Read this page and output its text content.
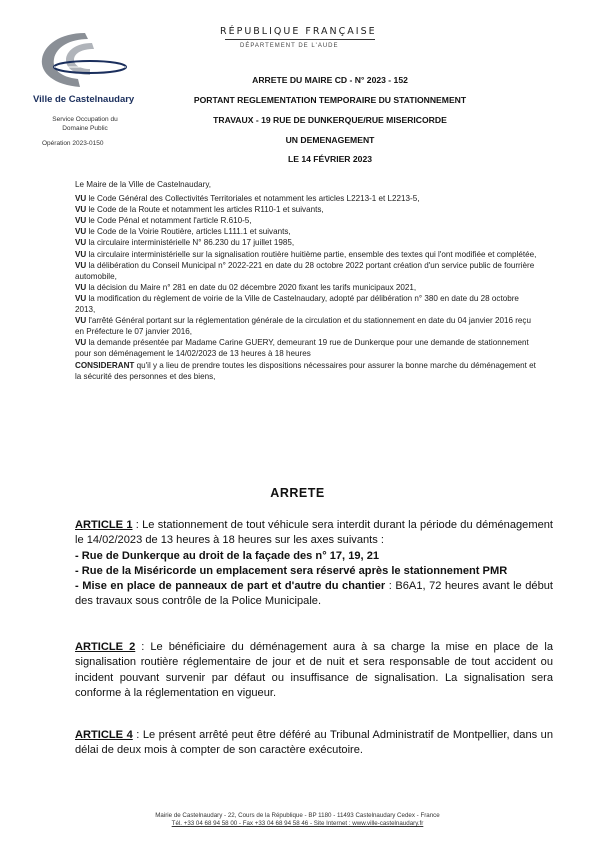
Ville de Castelnaudary
Service Occupation du Domaine Public
Opération 2023-0150
RÉPUBLIQUE FRANÇAISE
DÉPARTEMENT DE L'AUDE
ARRETE DU MAIRE CD - N° 2023 - 152
PORTANT REGLEMENTATION TEMPORAIRE DU STATIONNEMENT
TRAVAUX - 19 RUE DE DUNKERQUE/RUE MISERICORDE
UN DEMENAGEMENT
LE 14 FÉVRIER 2023

Le Maire de la Ville de Castelnaudary,

VU le Code Général des Collectivités Territoriales et notamment les articles L2213-1 et L2213-5,

VU le Code de la Route et notamment les articles R110-1 et suivants,

VU le Code Pénal et notamment l'article R.610-5,

VU le Code de la Voirie Routière, articles L111.1 et suivants,

VU la circulaire interministérielle N° 86.230 du 17 juillet 1985,

VU la circulaire interministérielle sur la signalisation routière huitième partie, ensemble des textes qui l'ont modifiée et complétée,

VU la délibération du Conseil Municipal n° 2022-221 en date du 28 octobre 2022 portant création d'un service public de fourrière automobile,

VU la décision du Maire n° 281 en date du 02 décembre 2020 fixant les tarifs municipaux 2021,

VU la modification du règlement de voirie de la Ville de Castelnaudary, adopté par délibération n° 380 en date du 28 octobre 2013,

VU l'arrêté Général portant sur la réglementation générale de la circulation et du stationnement en date du 04 janvier 2016 reçu en Préfecture le 07 janvier 2016,

VU la demande présentée par Madame Carine GUERY, demeurant 19 rue de Dunkerque pour une demande de stationnement pour son déménagement le 14/02/2023 de 13 heures à 18 heures

CONSIDERANT qu'il y a lieu de prendre toutes les dispositions nécessaires pour assurer la bonne marche du déménagement et la sécurité des personnes et des biens,

ARRETE

ARTICLE 1 : Le stationnement de tout véhicule sera interdit durant la période du déménagement le 14/02/2023 de 13 heures à 18 heures sur les axes suivants :

- Rue de Dunkerque au droit de la façade des n° 17, 19, 21

- Rue de la Miséricorde un emplacement sera réservé après le stationnement PMR

- Mise en place de panneaux de part et d'autre du chantier : B6A1, 72 heures avant le début des travaux sous contrôle de la Police Municipale.

ARTICLE 2 : Le bénéficiaire du déménagement aura à sa charge la mise en place de la signalisation routière réglementaire de jour et de nuit et sera responsable de tout accident ou incident pouvant survenir par défaut ou insuffisance de signalisation. La signalisation sera conforme à la réglementation en vigueur.

ARTICLE 4 : Le présent arrêté peut être déféré au Tribunal Administratif de Montpellier, dans un délai de deux mois à compter de son caractère exécutoire.

Mairie de Castelnaudary - 22, Cours de la République - BP 1180 - 11493 Castelnaudary Cedex - France
Tél. +33 04 68 94 58 00 - Fax +33 04 68 94 58 46 - Site Internet : www.ville-castelnaudary.fr
